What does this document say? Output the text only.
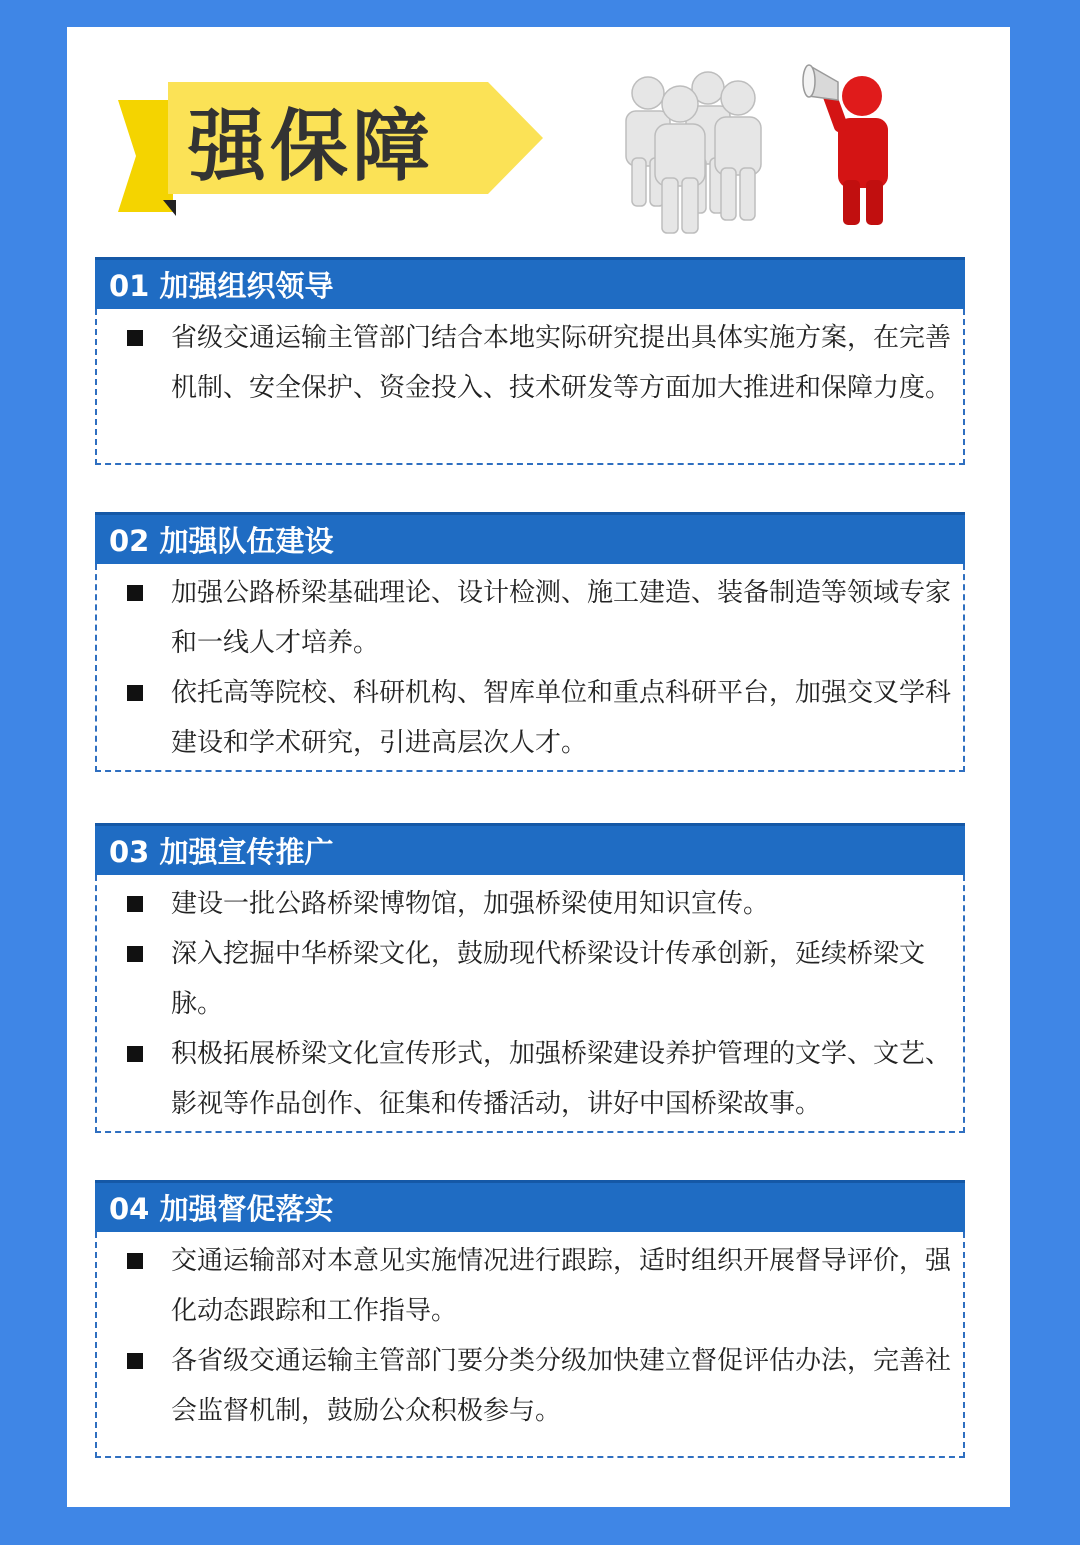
强保障
01 加强组织领导
省级交通运输主管部门结合本地实际研究提出具体实施方案，在完善机制、安全保护、资金投入、技术研发等方面加大推进和保障力度。
02 加强队伍建设
加强公路桥梁基础理论、设计检测、施工建造、装备制造等领域专家和一线人才培养。
依托高等院校、科研机构、智库单位和重点科研平台，加强交叉学科建设和学术研究，引进高层次人才。
03 加强宣传推广
建设一批公路桥梁博物馆，加强桥梁使用知识宣传。
深入挖掘中华桥梁文化，鼓励现代桥梁设计传承创新，延续桥梁文脉。
积极拓展桥梁文化宣传形式，加强桥梁建设养护管理的文学、文艺、影视等作品创作、征集和传播活动，讲好中国桥梁故事。
04 加强督促落实
交通运输部对本意见实施情况进行跟踪，适时组织开展督导评价，强化动态跟踪和工作指导。
各省级交通运输主管部门要分类分级加快建立督促评估办法，完善社会监督机制，鼓励公众积极参与。
